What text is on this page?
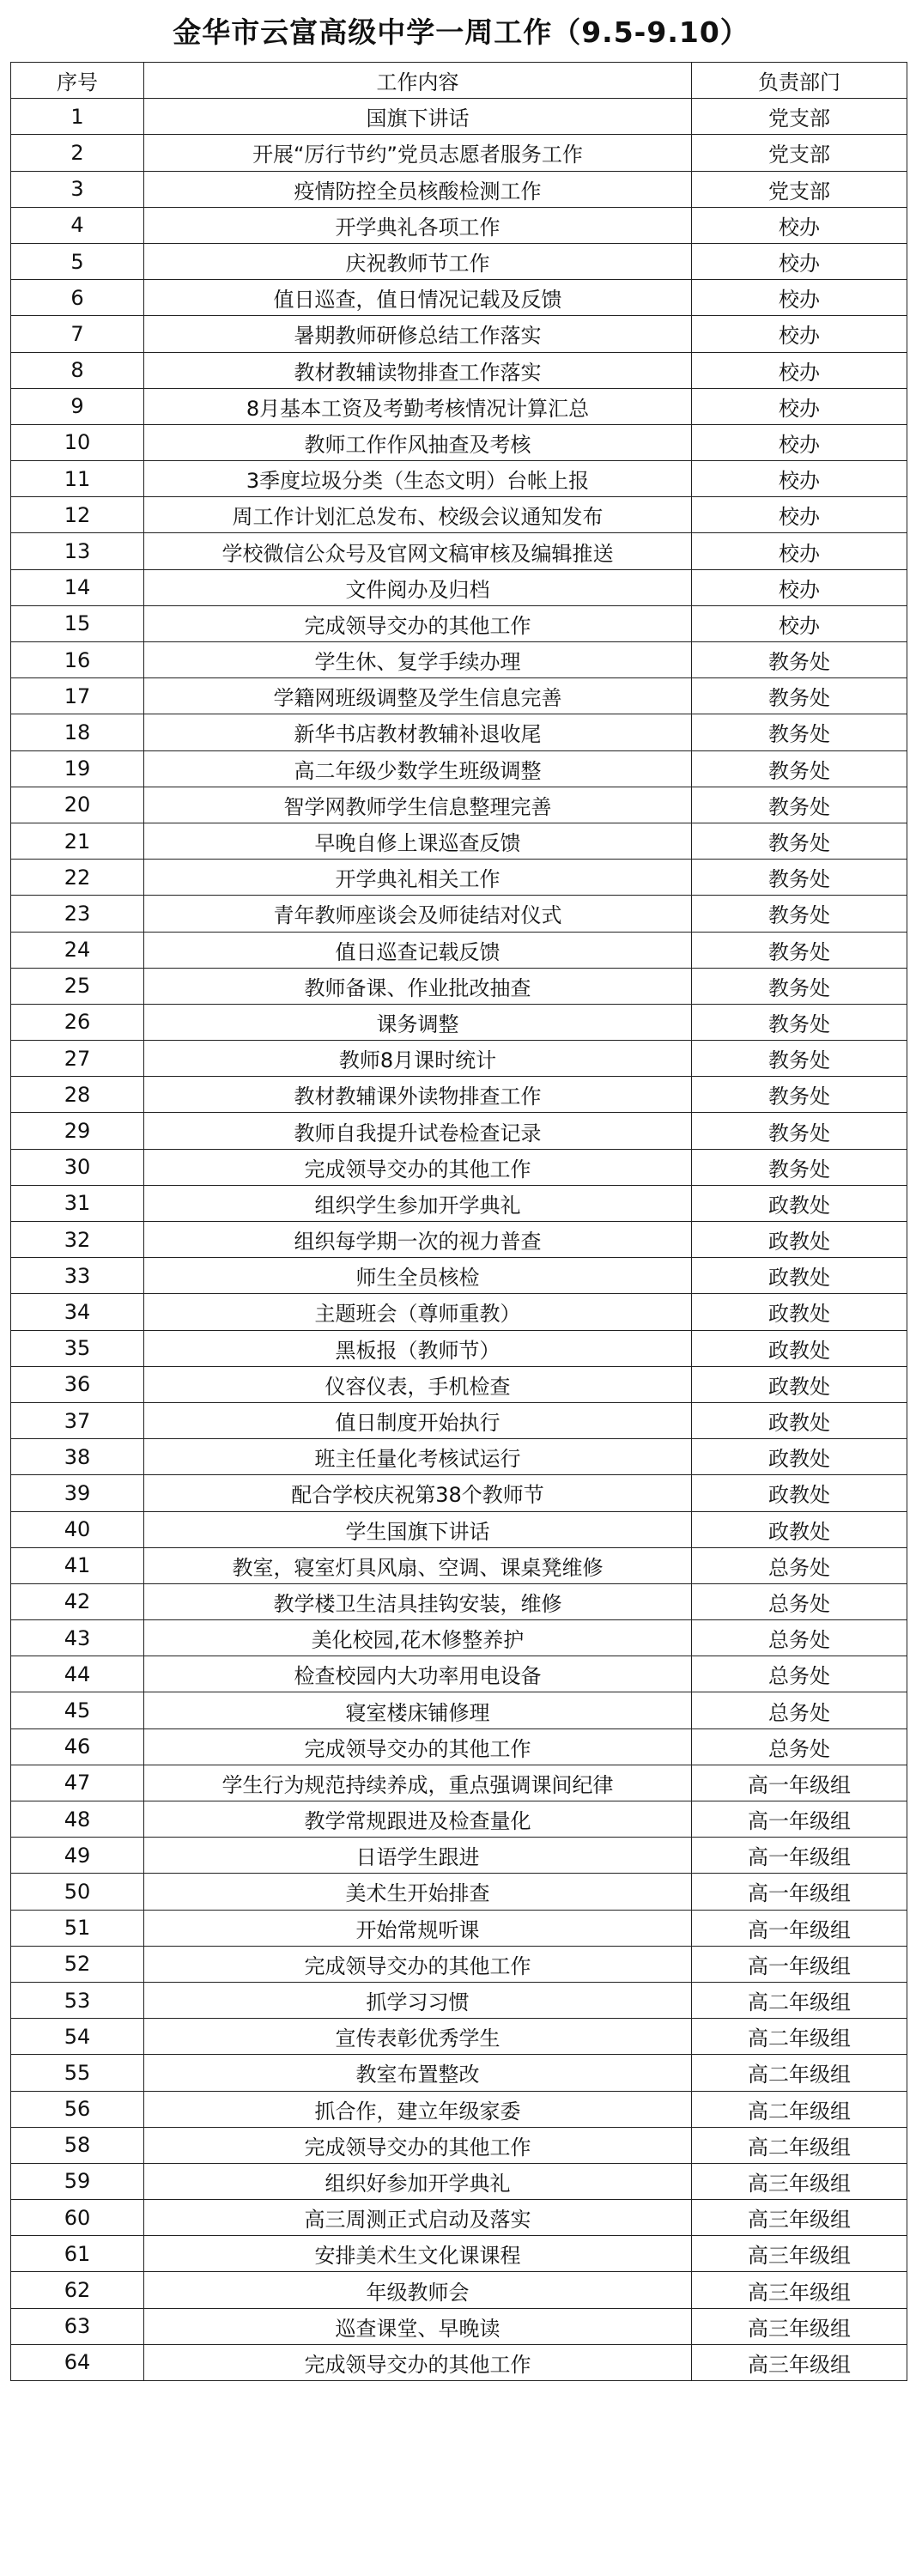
金华市云富高级中学一周工作（9.5-9.10）
序号	工作内容	负责部门
1	国旗下讲话	党支部
2	开展“厉行节约”党员志愿者服务工作	党支部
3	疫情防控全员核酸检测工作	党支部
4	开学典礼各项工作	校办
5	庆祝教师节工作	校办
6	值日巡查，值日情况记载及反馈	校办
7	暑期教师研修总结工作落实	校办
8	教材教辅读物排查工作落实	校办
9	8月基本工资及考勤考核情况计算汇总	校办
10	教师工作作风抽查及考核	校办
11	3季度垃圾分类（生态文明）台帐上报	校办
12	周工作计划汇总发布、校级会议通知发布	校办
13	学校微信公众号及官网文稿审核及编辑推送	校办
14	文件阅办及归档	校办
15	完成领导交办的其他工作	校办
16	学生休、复学手续办理	教务处
17	学籍网班级调整及学生信息完善	教务处
18	新华书店教材教辅补退收尾	教务处
19	高二年级少数学生班级调整	教务处
20	智学网教师学生信息整理完善	教务处
21	早晚自修上课巡查反馈	教务处
22	开学典礼相关工作	教务处
23	青年教师座谈会及师徒结对仪式	教务处
24	值日巡查记载反馈	教务处
25	教师备课、作业批改抽查	教务处
26	课务调整	教务处
27	教师8月课时统计	教务处
28	教材教辅课外读物排查工作	教务处
29	教师自我提升试卷检查记录	教务处
30	完成领导交办的其他工作	教务处
31	组织学生参加开学典礼	政教处
32	组织每学期一次的视力普查	政教处
33	师生全员核检	政教处
34	主题班会（尊师重教）	政教处
35	黑板报（教师节）	政教处
36	仪容仪表，手机检查	政教处
37	值日制度开始执行	政教处
38	班主任量化考核试运行	政教处
39	配合学校庆祝第38个教师节	政教处
40	学生国旗下讲话	政教处
41	教室，寝室灯具风扇、空调、课桌凳维修	总务处
42	教学楼卫生洁具挂钩安装，维修	总务处
43	美化校园,花木修整养护	总务处
44	检查校园内大功率用电设备	总务处
45	寝室楼床铺修理	总务处
46	完成领导交办的其他工作	总务处
47	学生行为规范持续养成，重点强调课间纪律	高一年级组
48	教学常规跟进及检查量化	高一年级组
49	日语学生跟进	高一年级组
50	美术生开始排查	高一年级组
51	开始常规听课	高一年级组
52	完成领导交办的其他工作	高一年级组
53	抓学习习惯	高二年级组
54	宣传表彰优秀学生	高二年级组
55	教室布置整改	高二年级组
56	抓合作，建立年级家委	高二年级组
58	完成领导交办的其他工作	高二年级组
59	组织好参加开学典礼	高三年级组
60	高三周测正式启动及落实	高三年级组
61	安排美术生文化课课程	高三年级组
62	年级教师会	高三年级组
63	巡查课堂、早晚读	高三年级组
64	完成领导交办的其他工作	高三年级组
